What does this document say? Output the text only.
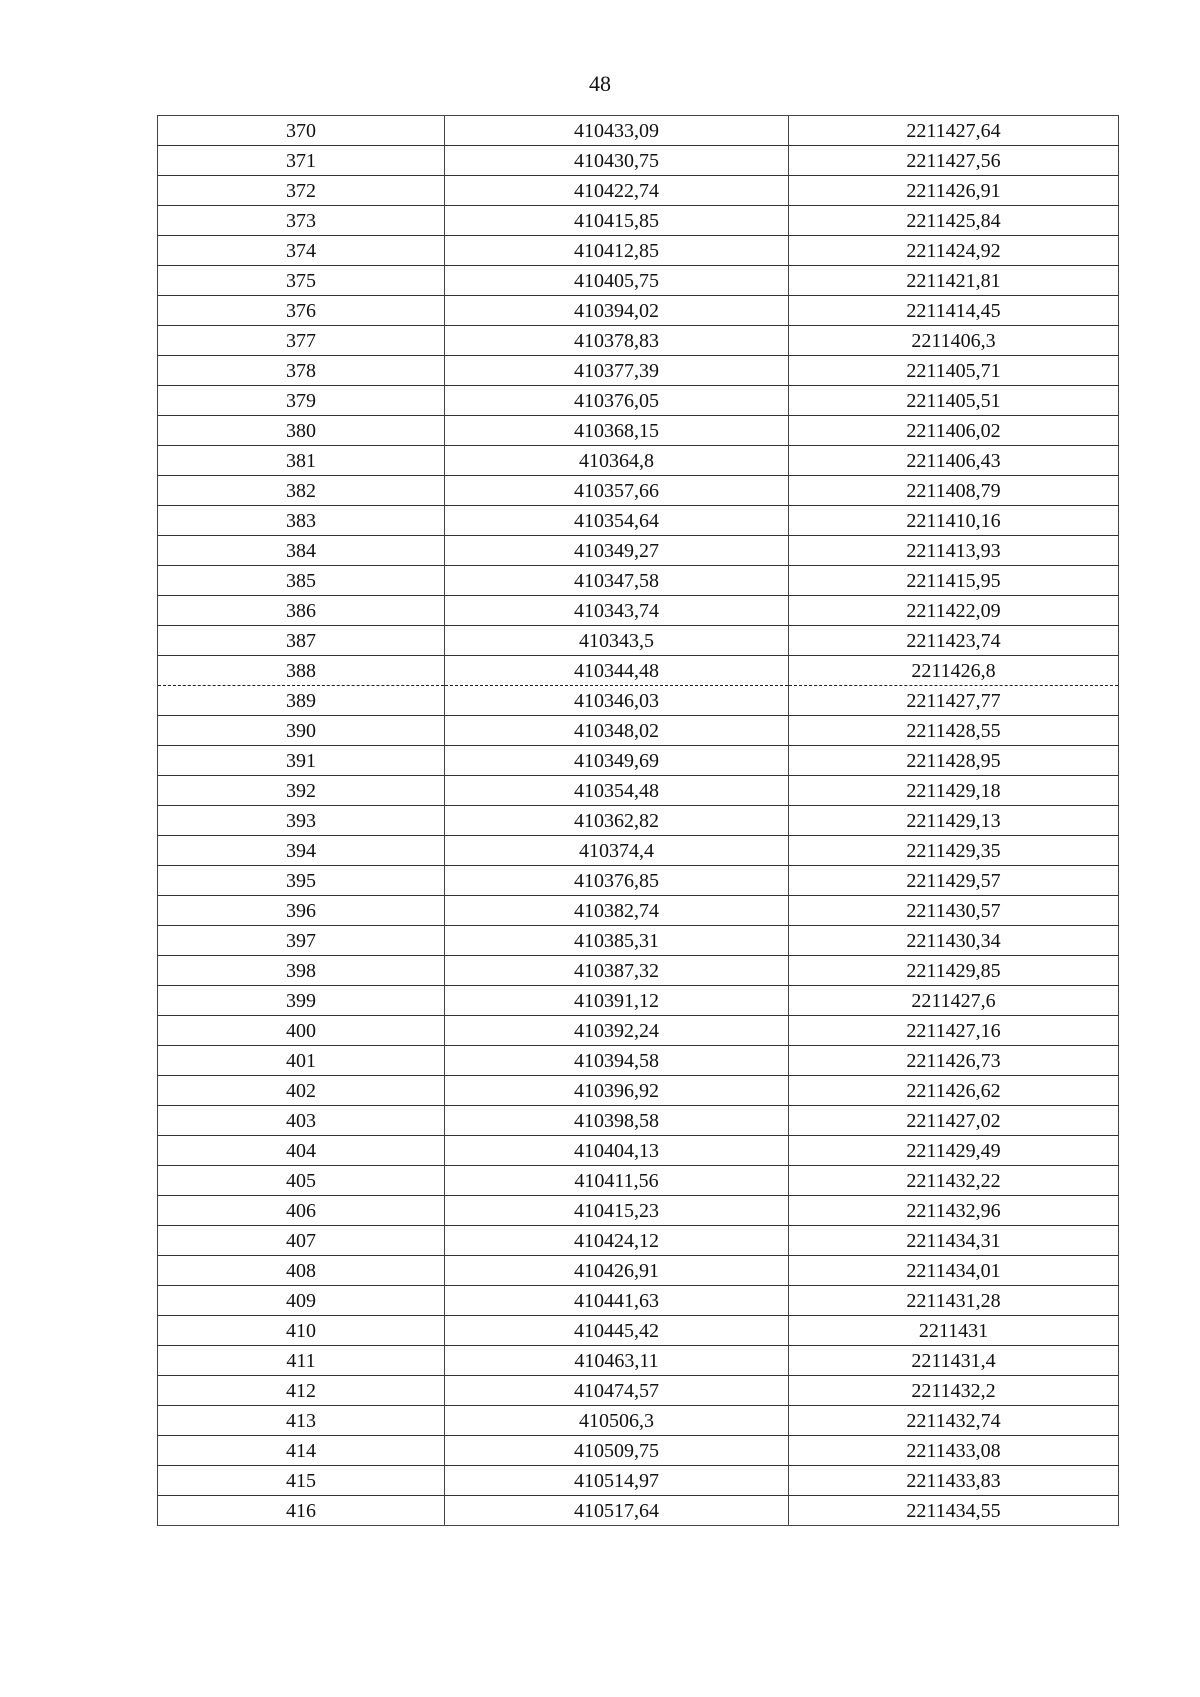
48
370	410433,09	2211427,64
371	410430,75	2211427,56
372	410422,74	2211426,91
373	410415,85	2211425,84
374	410412,85	2211424,92
375	410405,75	2211421,81
376	410394,02	2211414,45
377	410378,83	2211406,3
378	410377,39	2211405,71
379	410376,05	2211405,51
380	410368,15	2211406,02
381	410364,8	2211406,43
382	410357,66	2211408,79
383	410354,64	2211410,16
384	410349,27	2211413,93
385	410347,58	2211415,95
386	410343,74	2211422,09
387	410343,5	2211423,74
388	410344,48	2211426,8
389	410346,03	2211427,77
390	410348,02	2211428,55
391	410349,69	2211428,95
392	410354,48	2211429,18
393	410362,82	2211429,13
394	410374,4	2211429,35
395	410376,85	2211429,57
396	410382,74	2211430,57
397	410385,31	2211430,34
398	410387,32	2211429,85
399	410391,12	2211427,6
400	410392,24	2211427,16
401	410394,58	2211426,73
402	410396,92	2211426,62
403	410398,58	2211427,02
404	410404,13	2211429,49
405	410411,56	2211432,22
406	410415,23	2211432,96
407	410424,12	2211434,31
408	410426,91	2211434,01
409	410441,63	2211431,28
410	410445,42	2211431
411	410463,11	2211431,4
412	410474,57	2211432,2
413	410506,3	2211432,74
414	410509,75	2211433,08
415	410514,97	2211433,83
416	410517,64	2211434,55
